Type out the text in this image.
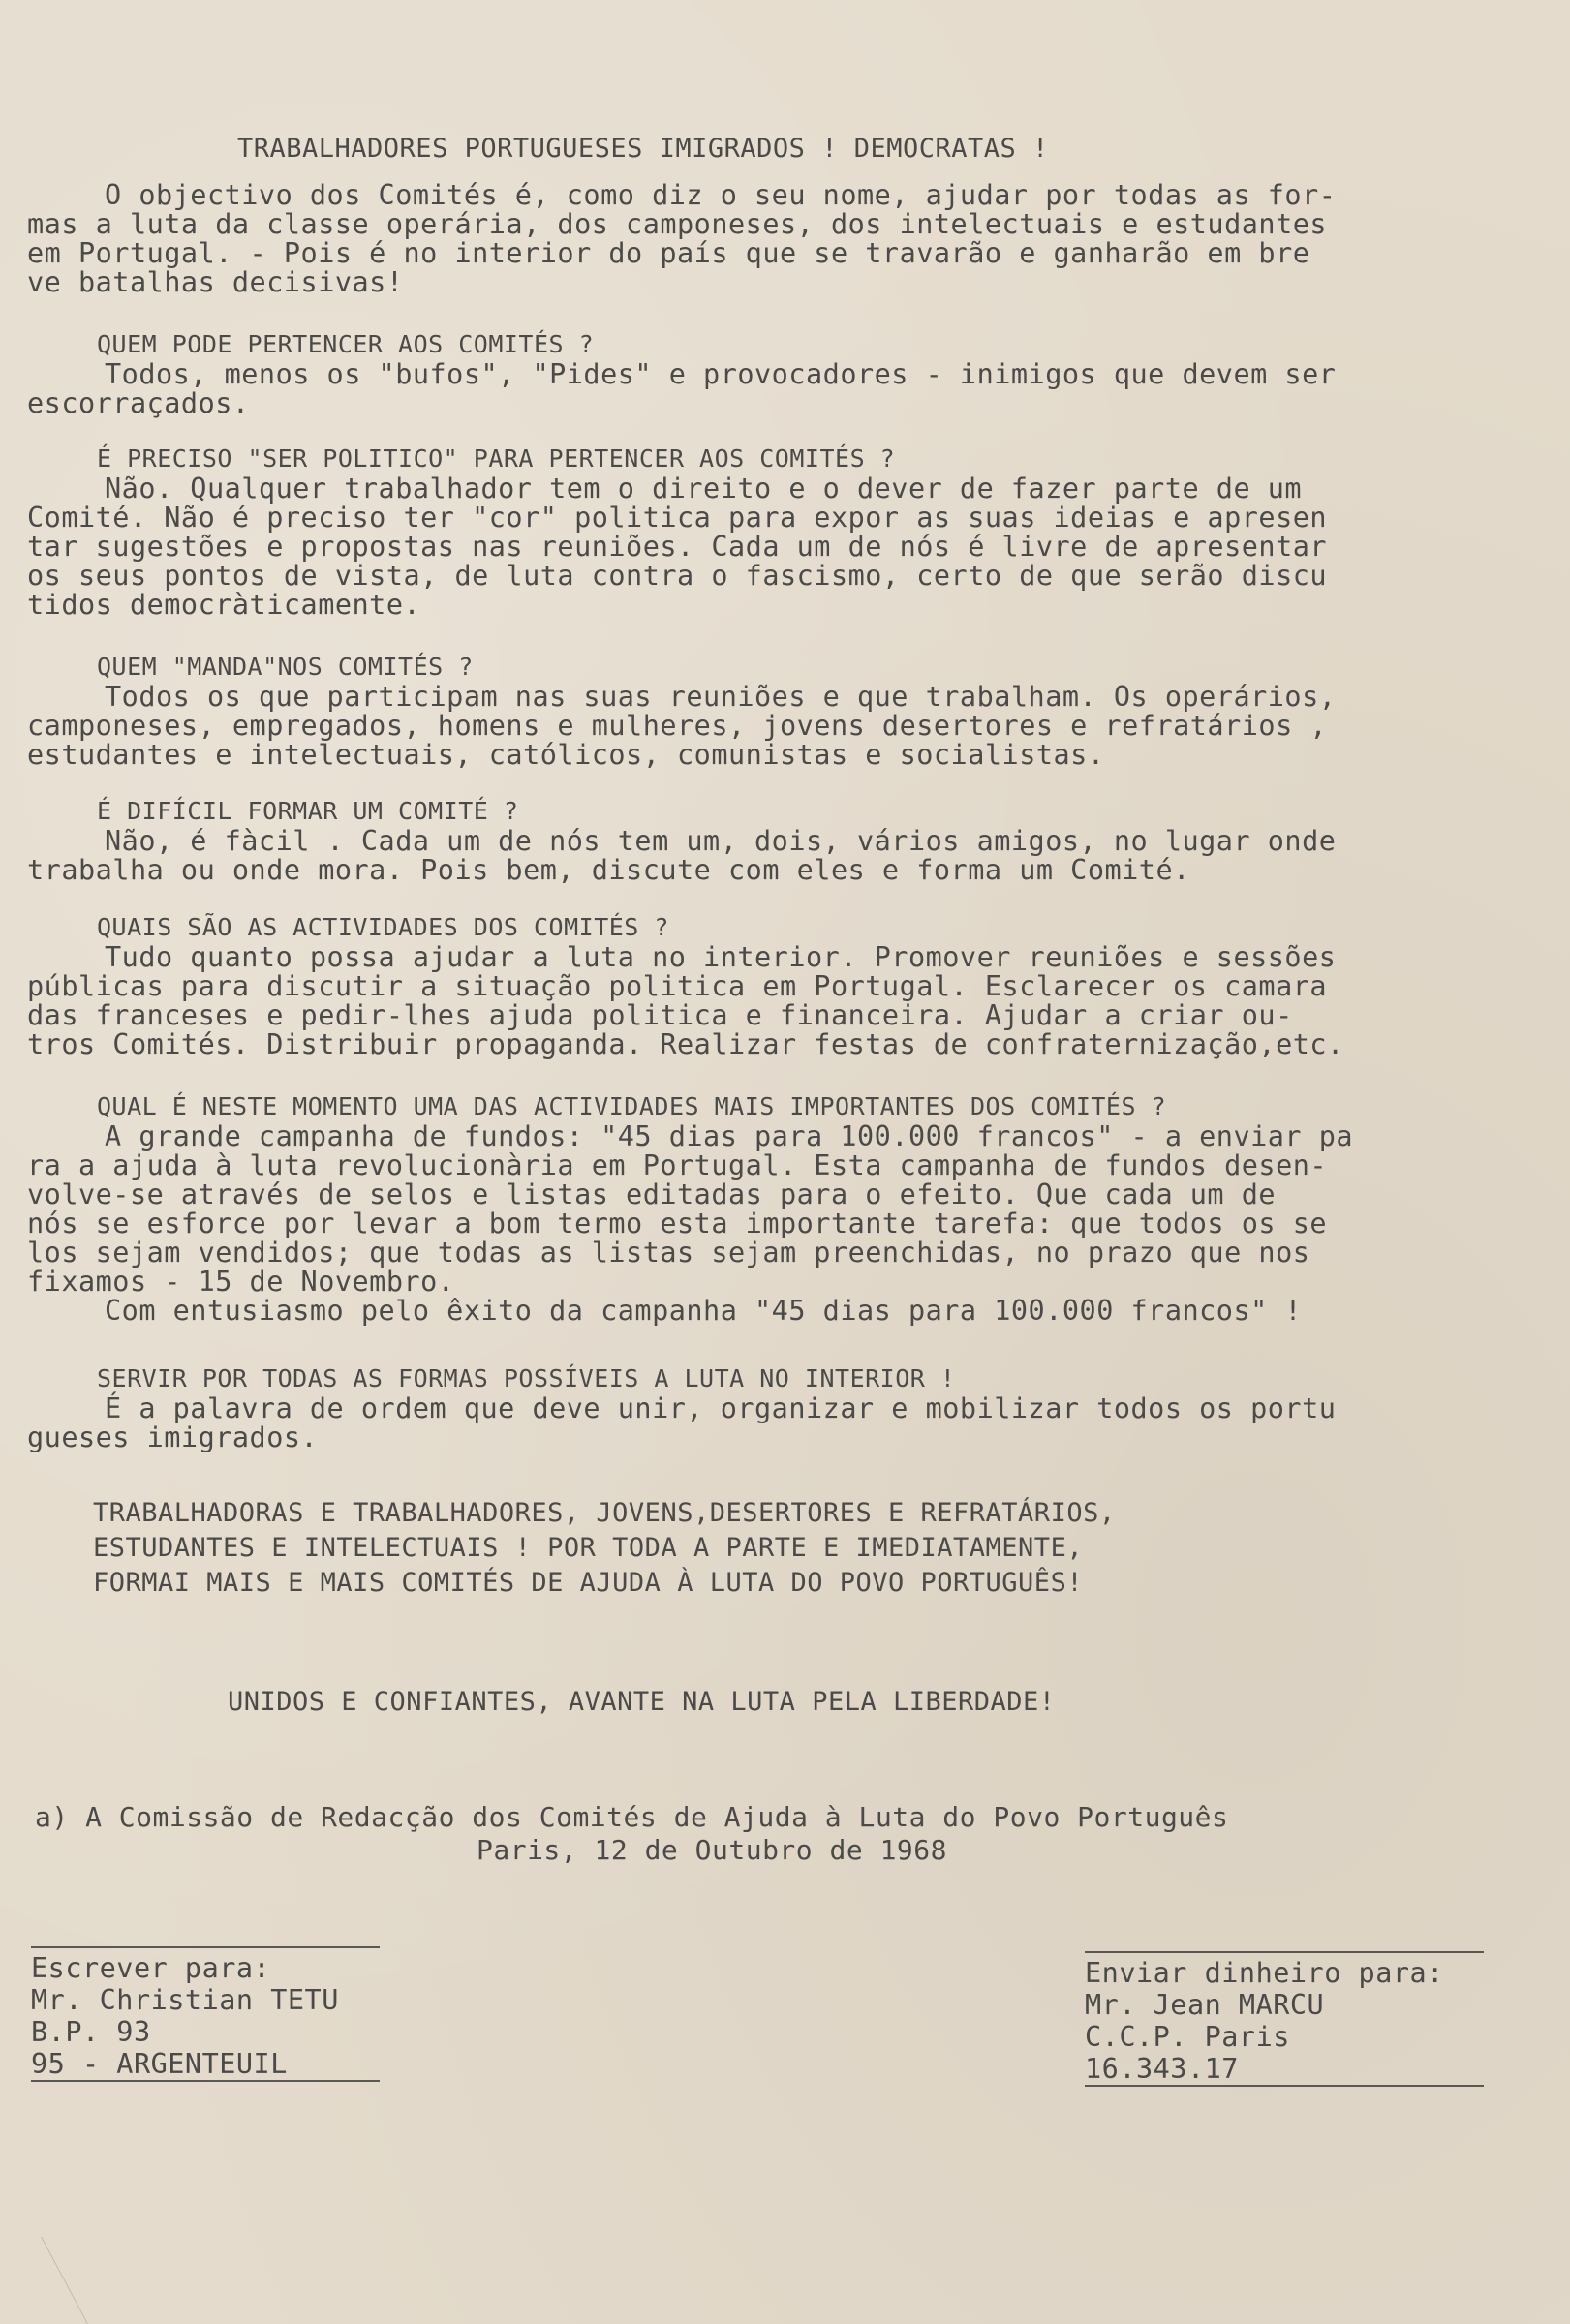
TRABALHADORES PORTUGUESES IMIGRADOS ! DEMOCRATAS !
O objectivo dos Comités é, como diz o seu nome, ajudar por todas as for-
mas a luta da classe operária, dos camponeses, dos intelectuais e estudantes
em Portugal. - Pois é no interior do país que se travarão e ganharão em bre
ve batalhas decisivas!
QUEM PODE PERTENCER AOS COMITÉS ?
Todos, menos os "bufos", "Pides" e provocadores - inimigos que devem ser
escorraçados.
É PRECISO "SER POLITICO" PARA PERTENCER AOS COMITÉS ?
Não. Qualquer trabalhador tem o direito e o dever de fazer parte de um
Comité. Não é preciso ter "cor" politica para expor as suas ideias e apresen
tar sugestões e propostas nas reuniões. Cada um de nós é livre de apresentar
os seus pontos de vista, de luta contra o fascismo, certo de que serão discu
tidos democràticamente.
QUEM "MANDA"NOS COMITÉS ?
Todos os que participam nas suas reuniões e que trabalham. Os operários,
camponeses, empregados, homens e mulheres, jovens desertores e refratários ,
estudantes e intelectuais, católicos, comunistas e socialistas.
É DIFÍCIL FORMAR UM COMITÉ ?
Não, é fàcil . Cada um de nós tem um, dois, vários amigos, no lugar onde
trabalha ou onde mora. Pois bem, discute com eles e forma um Comité.
QUAIS SÃO AS ACTIVIDADES DOS COMITÉS ?
Tudo quanto possa ajudar a luta no interior. Promover reuniões e sessões
públicas para discutir a situação politica em Portugal. Esclarecer os camara
das franceses e pedir-lhes ajuda politica e financeira. Ajudar a criar ou-
tros Comités. Distribuir propaganda. Realizar festas de confraternização,etc.
QUAL É NESTE MOMENTO UMA DAS ACTIVIDADES MAIS IMPORTANTES DOS COMITÉS ?
A grande campanha de fundos: "45 dias para 100.000 francos" - a enviar pa
ra a ajuda à luta revolucionària em Portugal. Esta campanha de fundos desen-
volve-se através de selos e listas editadas para o efeito. Que cada um de
nós se esforce por levar a bom termo esta importante tarefa: que todos os se
los sejam vendidos; que todas as listas sejam preenchidas, no prazo que nos
fixamos - 15 de Novembro.
Com entusiasmo pelo êxito da campanha "45 dias para 100.000 francos" !
SERVIR POR TODAS AS FORMAS POSSÍVEIS A LUTA NO INTERIOR !
É a palavra de ordem que deve unir, organizar e mobilizar todos os portu
gueses imigrados.
TRABALHADORAS E TRABALHADORES, JOVENS,DESERTORES E REFRATÁRIOS,
ESTUDANTES E INTELECTUAIS ! POR TODA A PARTE E IMEDIATAMENTE,
FORMAI MAIS E MAIS COMITÉS DE AJUDA À LUTA DO POVO PORTUGUÊS!
UNIDOS E CONFIANTES, AVANTE NA LUTA PELA LIBERDADE!
a) A Comissão de Redacção dos Comités de Ajuda à Luta do Povo Português
Paris, 12 de Outubro de 1968
Escrever para:
Mr. Christian TETU
B.P. 93
95 - ARGENTEUIL
Enviar dinheiro para:
Mr. Jean MARCU
C.C.P. Paris
16.343.17
